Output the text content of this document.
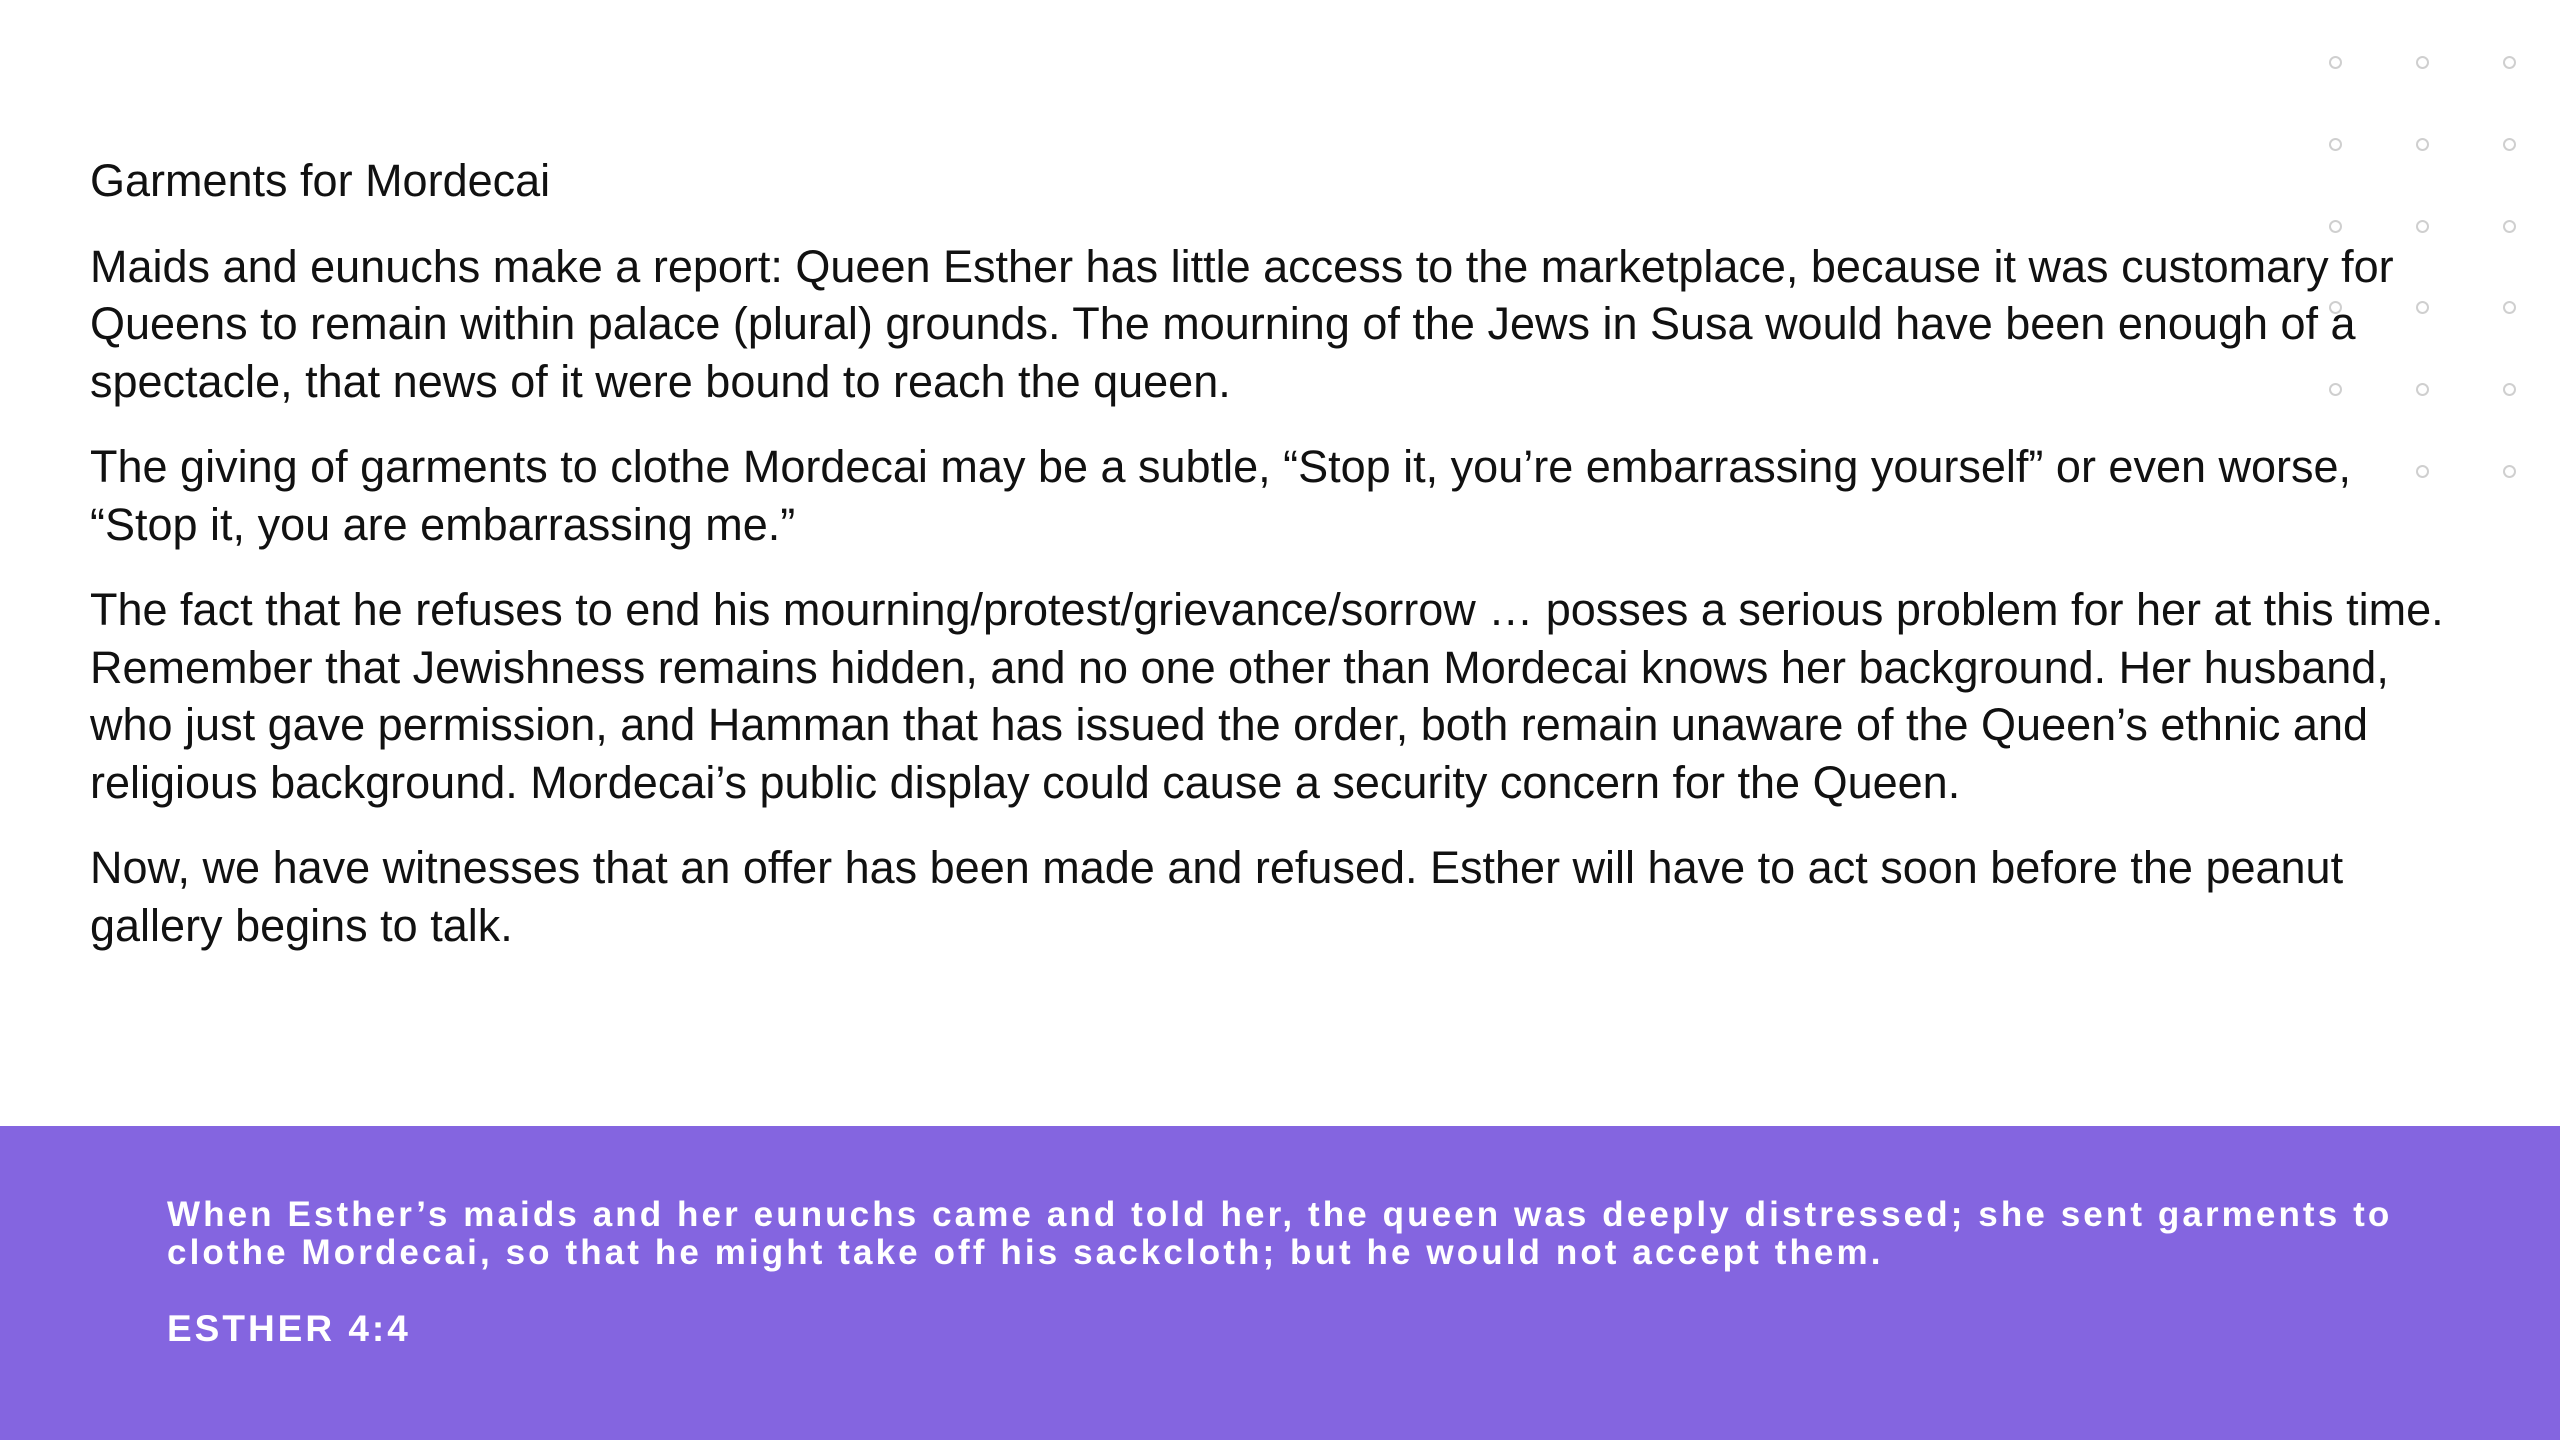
Garments for Mordecai

Maids and eunuchs make a report: Queen Esther has little access to the marketplace, because it was customary for Queens to remain within palace (plural) grounds. The mourning of the Jews in Susa would have been enough of a spectacle, that news of it were bound to reach the queen.

The giving of garments to clothe Mordecai may be a subtle, “Stop it, you’re embarrassing yourself” or even worse, “Stop it, you are embarrassing me.”

The fact that he refuses to end his mourning/protest/grievance/sorrow … posses a serious problem for her at this time. Remember that Jewishness remains hidden, and no one other than Mordecai knows her background. Her husband, who just gave permission, and Hamman that has issued the order, both remain unaware of the Queen’s ethnic and religious background. Mordecai’s public display could cause a security concern for the Queen.

Now, we have witnesses that an offer has been made and refused. Esther will have to act soon before the peanut gallery begins to talk.

When Esther’s maids and her eunuchs came and told her, the queen was deeply distressed; she sent garments to clothe Mordecai, so that he might take off his sackcloth; but he would not accept them.

ESTHER 4:4
